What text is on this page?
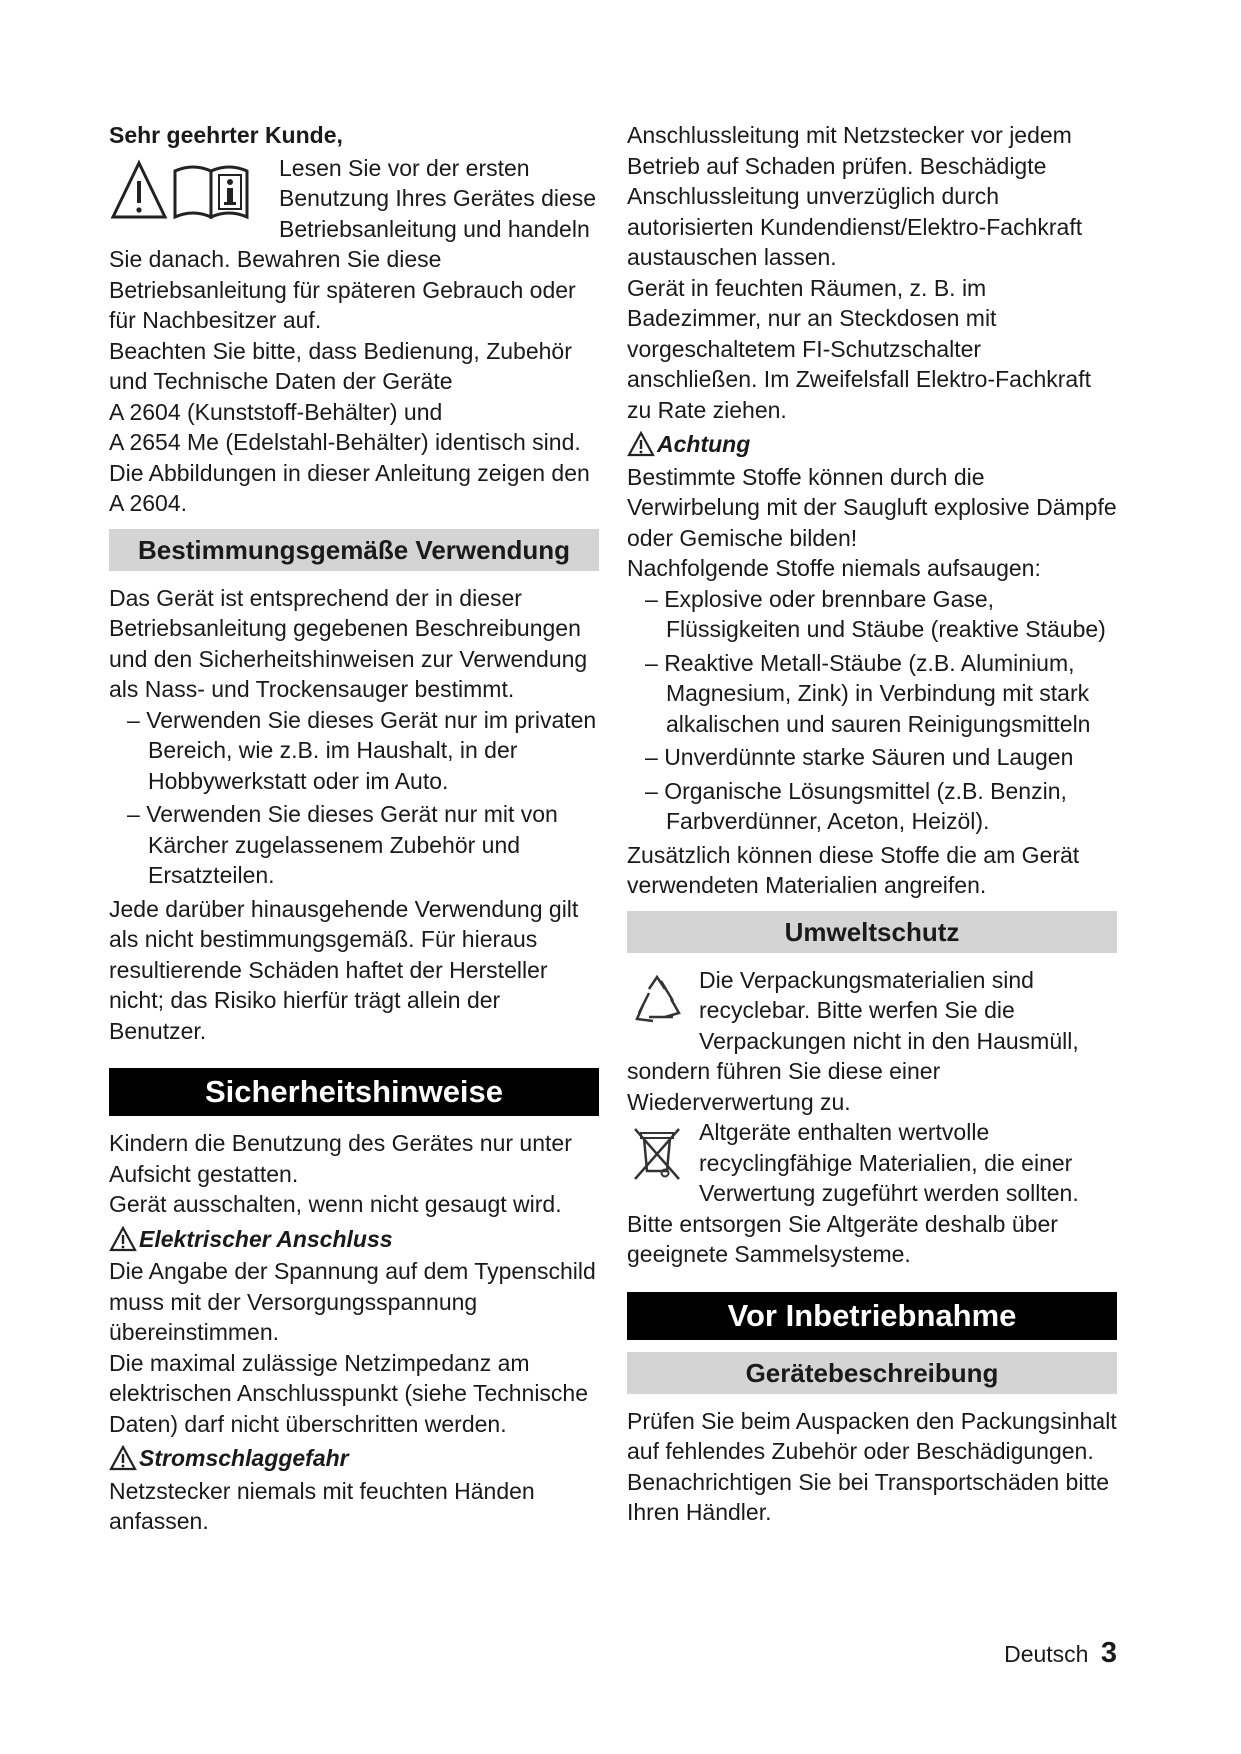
Sehr geehrter Kunde,

Lesen Sie vor der ersten Benutzung Ihres Gerätes diese Betriebsanleitung und handeln Sie danach. Bewahren Sie diese Betriebsanleitung für späteren Gebrauch oder für Nachbesitzer auf.

Beachten Sie bitte, dass Bedienung, Zubehör und Technische Daten der Geräte

A 2604 (Kunststoff-Behälter) und

A 2654 Me (Edelstahl-Behälter) identisch sind. Die Abbildungen in dieser Anleitung zeigen den A 2604.

Bestimmungsgemäße Verwendung

Das Gerät ist entsprechend der in dieser Betriebsanleitung gegebenen Beschreibungen und den Sicherheitshinweisen zur Verwendung als Nass- und Trockensauger bestimmt.

– Verwenden Sie dieses Gerät nur im privaten Bereich, wie z.B. im Haushalt, in der Hobbywerkstatt oder im Auto.
– Verwenden Sie dieses Gerät nur mit von Kärcher zugelassenem Zubehör und Ersatzteilen.

Jede darüber hinausgehende Verwendung gilt als nicht bestimmungsgemäß. Für hieraus resultierende Schäden haftet der Hersteller nicht; das Risiko hierfür trägt allein der Benutzer.

Sicherheitshinweise

Kindern die Benutzung des Gerätes nur unter Aufsicht gestatten.

Gerät ausschalten, wenn nicht gesaugt wird.

Elektrischer Anschluss

Die Angabe der Spannung auf dem Typenschild muss mit der Versorgungsspannung übereinstimmen.

Die maximal zulässige Netzimpedanz am elektrischen Anschlusspunkt (siehe Technische Daten) darf nicht überschritten werden.

Stromschlaggefahr

Netzstecker niemals mit feuchten Händen anfassen.

Anschlussleitung mit Netzstecker vor jedem Betrieb auf Schaden prüfen. Beschädigte Anschlussleitung unverzüglich durch autorisierten Kundendienst/Elektro-Fachkraft austauschen lassen.

Gerät in feuchten Räumen, z. B. im Badezimmer, nur an Steckdosen mit vorgeschaltetem FI-Schutzschalter anschließen. Im Zweifelsfall Elektro-Fachkraft zu Rate ziehen.

Achtung

Bestimmte Stoffe können durch die Verwirbelung mit der Saugluft explosive Dämpfe oder Gemische bilden!

Nachfolgende Stoffe niemals aufsaugen:

– Explosive oder brennbare Gase, Flüssigkeiten und Stäube (reaktive Stäube)
– Reaktive Metall-Stäube (z.B. Aluminium, Magnesium, Zink) in Verbindung mit stark alkalischen und sauren Reinigungsmitteln
– Unverdünnte starke Säuren und Laugen
– Organische Lösungsmittel (z.B. Benzin, Farbverdünner, Aceton, Heizöl).

Zusätzlich können diese Stoffe die am Gerät verwendeten Materialien angreifen.

Umweltschutz

Die Verpackungsmaterialien sind recyclebar. Bitte werfen Sie die Verpackungen nicht in den Hausmüll, sondern führen Sie diese einer Wiederverwertung zu.

Altgeräte enthalten wertvolle recyclingfähige Materialien, die einer Verwertung zugeführt werden sollten. Bitte entsorgen Sie Altgeräte deshalb über geeignete Sammelsysteme.

Vor Inbetriebnahme
Gerätebeschreibung

Prüfen Sie beim Auspacken den Packungsinhalt auf fehlendes Zubehör oder Beschädigungen. Benachrichtigen Sie bei Transportschäden bitte Ihren Händler.

Deutsch 3
